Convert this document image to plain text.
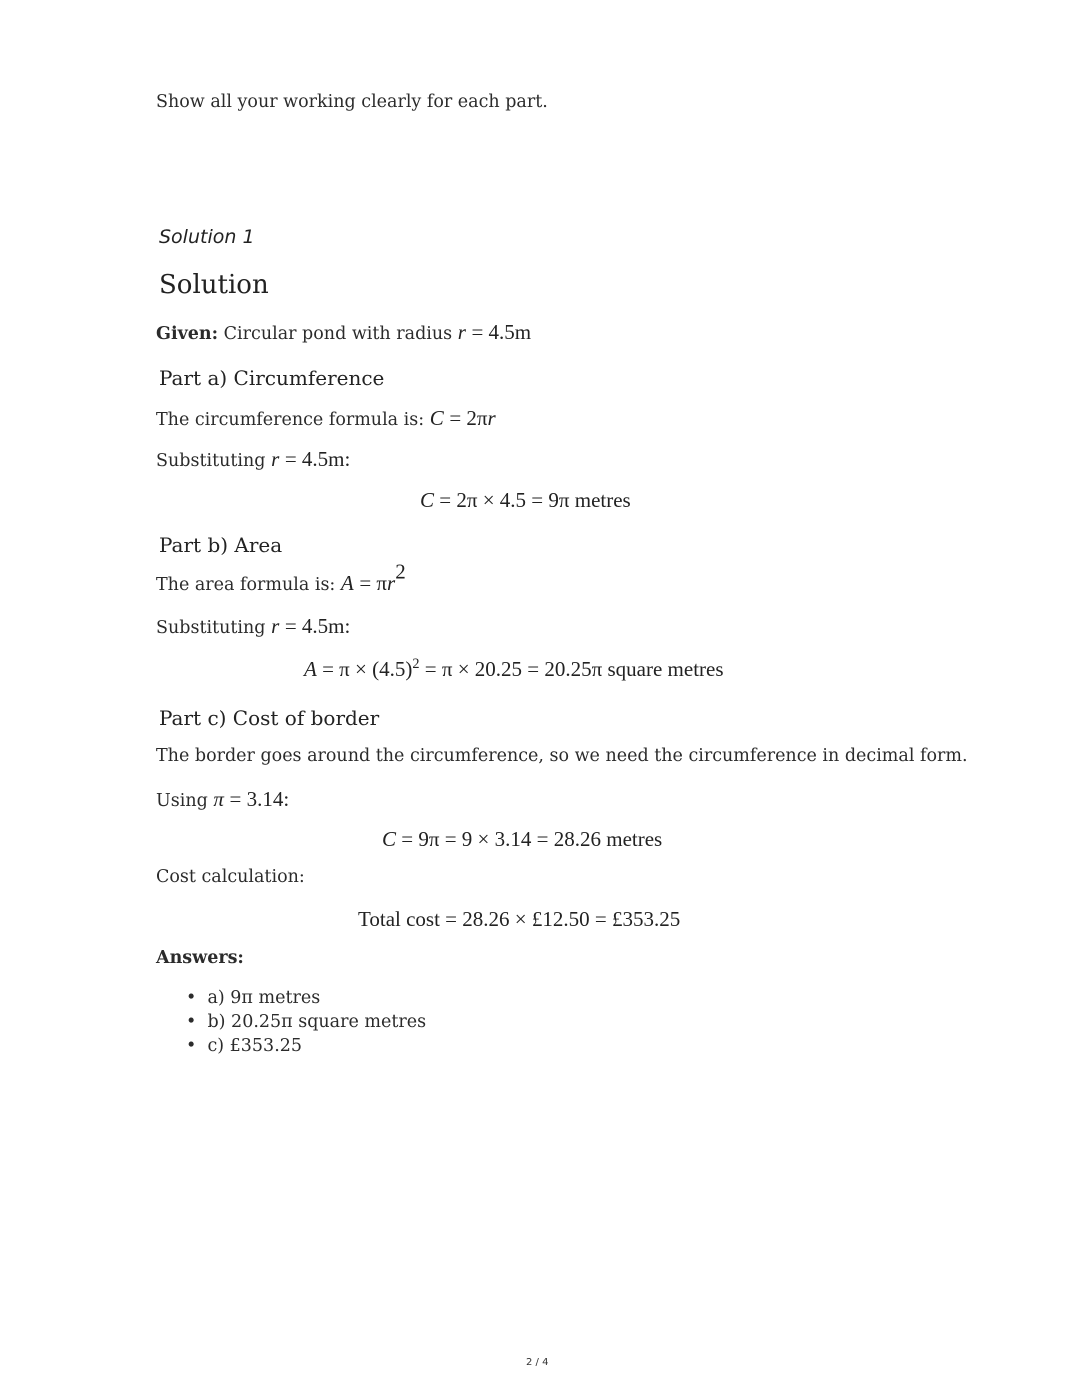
Show all your working clearly for each part.
Solution 1
Solution
Given: Circular pond with radius r = 4.5m
Part a) Circumference
The circumference formula is: C = 2πr
Substituting r = 4.5m:
C = 2π × 4.5 = 9π metres
Part b) Area
The area formula is: $A = \pi r^2$
Substituting r = 4.5m:
$A = \pi \times (4.5)^2 = \pi \times 20.25 = 20.25\pi$ square metres
Part c) Cost of border
The border goes around the circumference, so we need the circumference in decimal form.
Using π = 3.14:
C = 9π = 9 × 3.14 = 28.26 metres
Cost calculation:
Total cost = 28.26 × £12.50 = £353.25
Answers:
• a) 9π metres
• b) 20.25π square metres
• c) £353.25
2 / 4
